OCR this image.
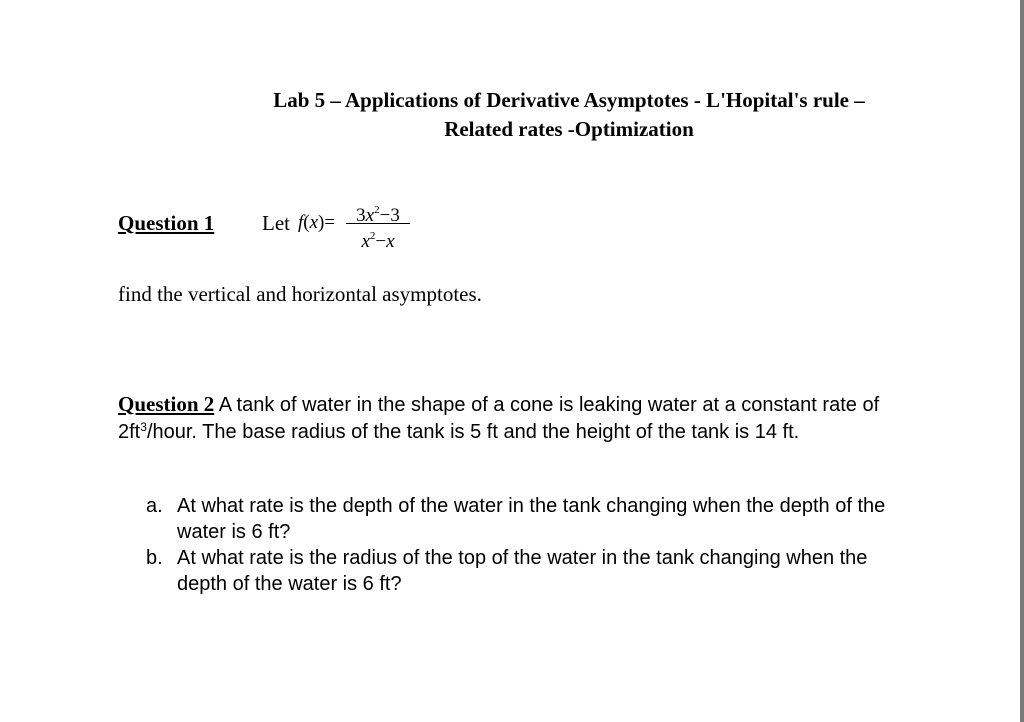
Lab 5 – Applications of Derivative Asymptotes - L'Hopital's rule –
Related rates -Optimization
Question 1 Let f(x)=	$3x^2-3$
$x^2-x$
find the vertical and horizontal asymptotes.
Question 2 A tank of water in the shape of a cone is leaking water at a constant rate of $2ft^3$/hour. The base radius of the tank is 5 ft and the height of the tank is 14 ft.
a. At what rate is the depth of the water in the tank changing when the depth of the water is 6 ft?
b. At what rate is the radius of the top of the water in the tank changing when the depth of the water is 6 ft?
